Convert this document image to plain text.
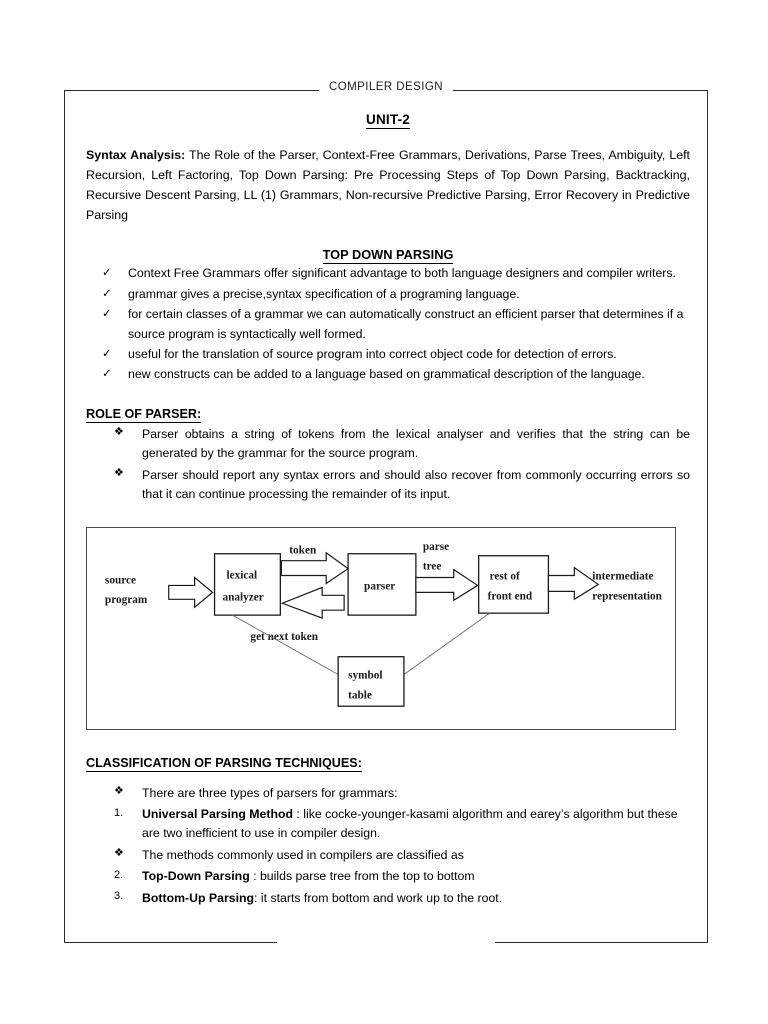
COMPILER DESIGN
UNIT-2

Syntax Analysis: The Role of the Parser, Context-Free Grammars, Derivations, Parse Trees, Ambiguity, Left Recursion, Left Factoring, Top Down Parsing: Pre Processing Steps of Top Down Parsing, Backtracking, Recursive Descent Parsing, LL (1) Grammars, Non-recursive Predictive Parsing, Error Recovery in Predictive Parsing

TOP DOWN PARSING
✓ Context Free Grammars offer significant advantage to both language designers and compiler writers.
✓ grammar gives a precise,syntax specification of a programing language.
✓ for certain classes of a grammar we can automatically construct an efficient parser that determines if a source program is syntactically well formed.
✓ useful for the translation of source program into correct object code for detection of errors.
✓ new constructs can be added to a language based on grammatical description of the language.
ROLE OF PARSER:
❖ Parser obtains a string of tokens from the lexical analyser and verifies that the string can be generated by the grammar for the source program.
❖ Parser should report any syntax errors and should also recover from commonly occurring errors so that it can continue processing the remainder of its input.
source
program
lexical
analyzer
token
parser
parse
tree
rest of
front end
intermediate
representation
get next token
symbol
table
CLASSIFICATION OF PARSING TECHNIQUES:
❖ There are three types of parsers for grammars:
1. Universal Parsing Method : like cocke-younger-kasami algorithm and earey’s algorithm but these are two inefficient to use in compiler design.
❖ The methods commonly used in compilers are classified as
2. Top-Down Parsing : builds parse tree from the top to bottom
3. Bottom-Up Parsing: it starts from bottom and work up to the root.
